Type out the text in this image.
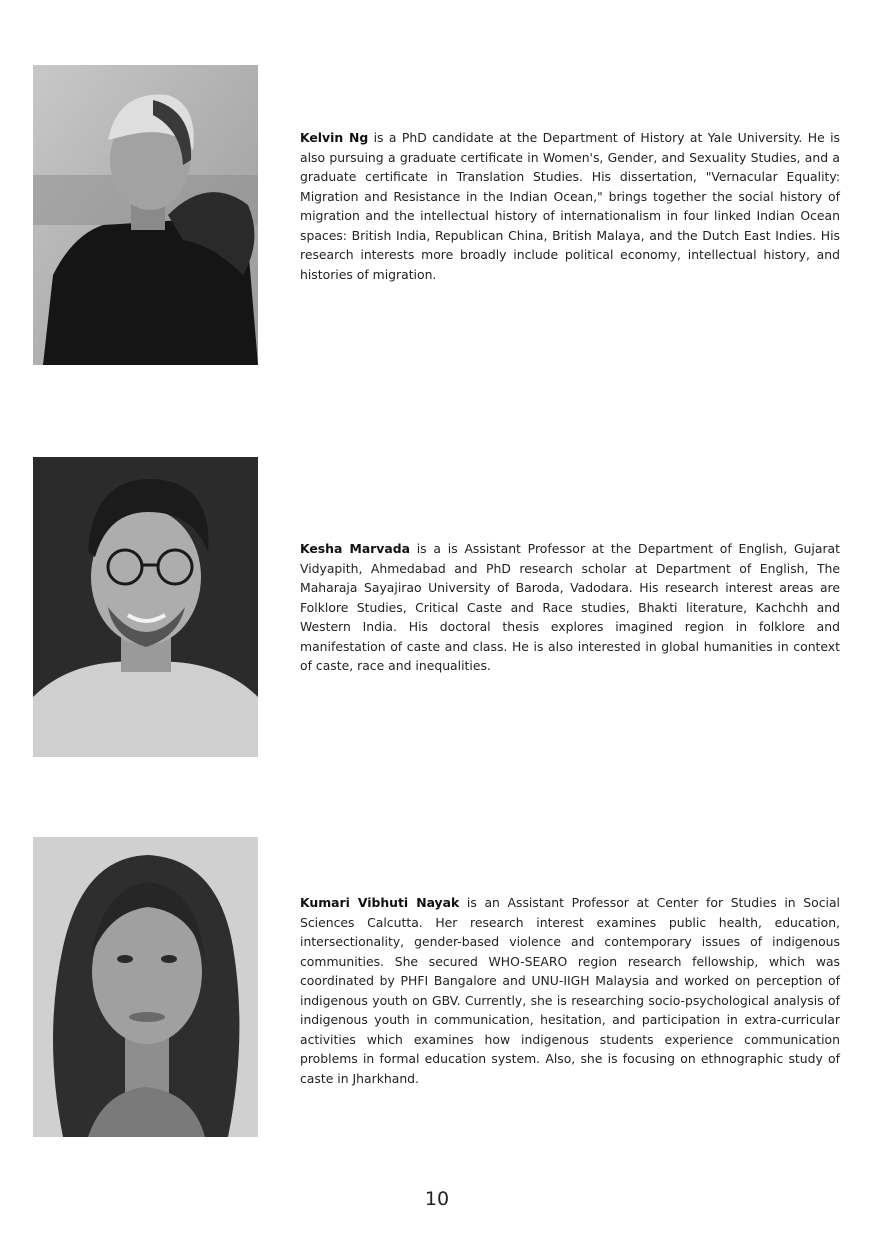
Kelvin Ng is a PhD candidate at the Department of History at Yale University. He is also pursuing a graduate certificate in Women's, Gender, and Sexuality Studies, and a graduate certificate in Translation Studies. His dissertation, "Vernacular Equality: Migration and Resistance in the Indian Ocean," brings together the social history of migration and the intellectual history of internationalism in four linked Indian Ocean spaces: British India, Republican China, British Malaya, and the Dutch East Indies. His research interests more broadly include political economy, intellectual history, and histories of migration.

Kesha Marvada is a is Assistant Professor at the Department of English, Gujarat Vidyapith, Ahmedabad and PhD research scholar at Department of English, The Maharaja Sayajirao University of Baroda, Vadodara. His research interest areas are Folklore Studies, Critical Caste and Race studies, Bhakti literature, Kachchh and Western India. His doctoral thesis explores imagined region in folklore and manifestation of caste and class. He is also interested in global humanities in context of caste, race and inequalities.

Kumari Vibhuti Nayak is an Assistant Professor at Center for Studies in Social Sciences Calcutta. Her research interest examines public health, education, intersectionality, gender-based violence and contemporary issues of indigenous communities. She secured WHO-SEARO region research fellowship, which was coordinated by PHFI Bangalore and UNU-IIGH Malaysia and worked on perception of indigenous youth on GBV. Currently, she is researching socio-psychological analysis of indigenous youth in communication, hesitation, and participation in extra-curricular activities which examines how indigenous students experience communication problems in formal education system. Also, she is focusing on ethnographic study of caste in Jharkhand.

10
